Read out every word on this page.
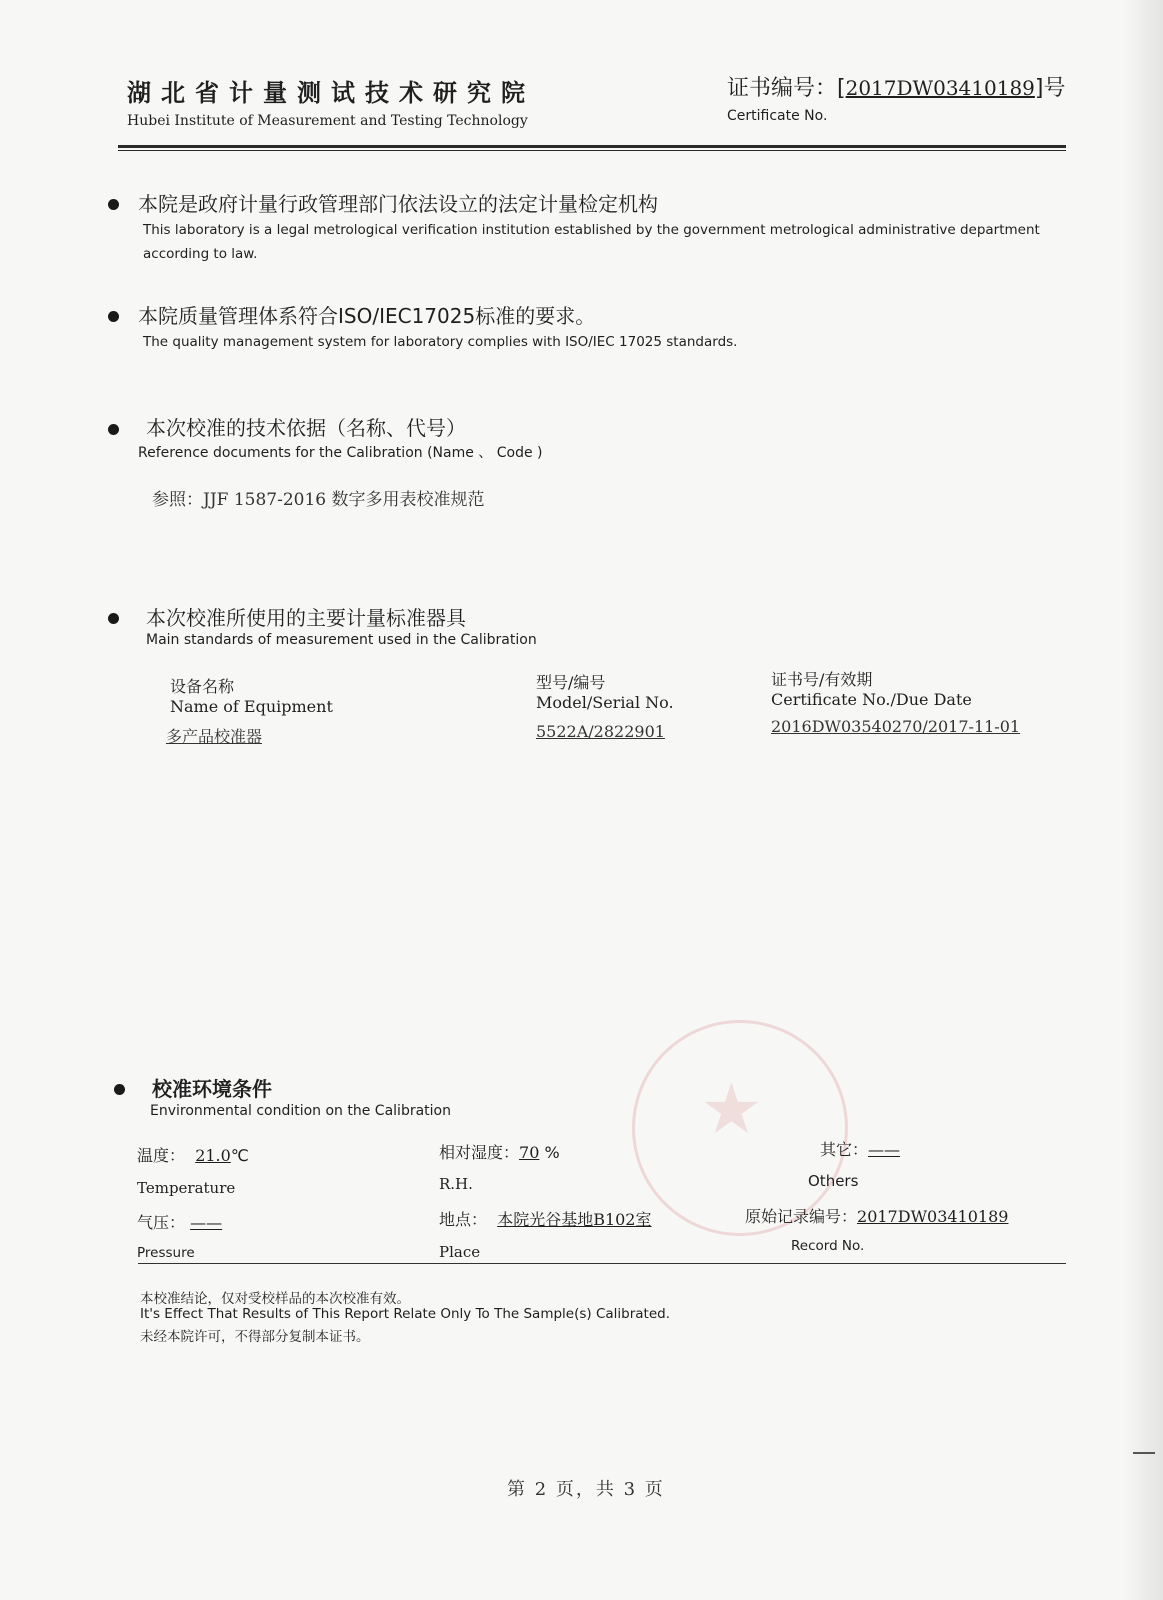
★
湖北省计量测试技术研究院
Hubei Institute of Measurement and Testing Technology
证书编号：[2017DW03410189]号
Certificate No.
本院是政府计量行政管理部门依法设立的法定计量检定机构
This laboratory is a legal metrological verification institution established by the government metrological administrative department according to law.
本院质量管理体系符合ISO/IEC17025标准的要求。
The quality management system for laboratory complies with ISO/IEC 17025 standards.
本次校准的技术依据（名称、代号）
Reference documents for the Calibration (Name 、 Code )
参照：JJF 1587-2016 数字多用表校准规范
本次校准所使用的主要计量标准器具
Main standards of measurement used in the Calibration
设备名称
Name of Equipment
多产品校准器
型号/编号
Model/Serial No.
5522A/2822901
证书号/有效期
Certificate No./Due Date
2016DW03540270/2017-11-01
校准环境条件
Environmental condition on the Calibration
温度： 21.0℃
Temperature
相对湿度：70 %
R.H.
其它：——
Others
气压： ——
Pressure
地点： 本院光谷基地B102室
Place
原始记录编号：2017DW03410189
Record No.
本校准结论，仅对受校样品的本次校准有效。
It's Effect That Results of This Report Relate Only To The Sample(s) Calibrated.
未经本院许可，不得部分复制本证书。
第 2 页，共 3 页
